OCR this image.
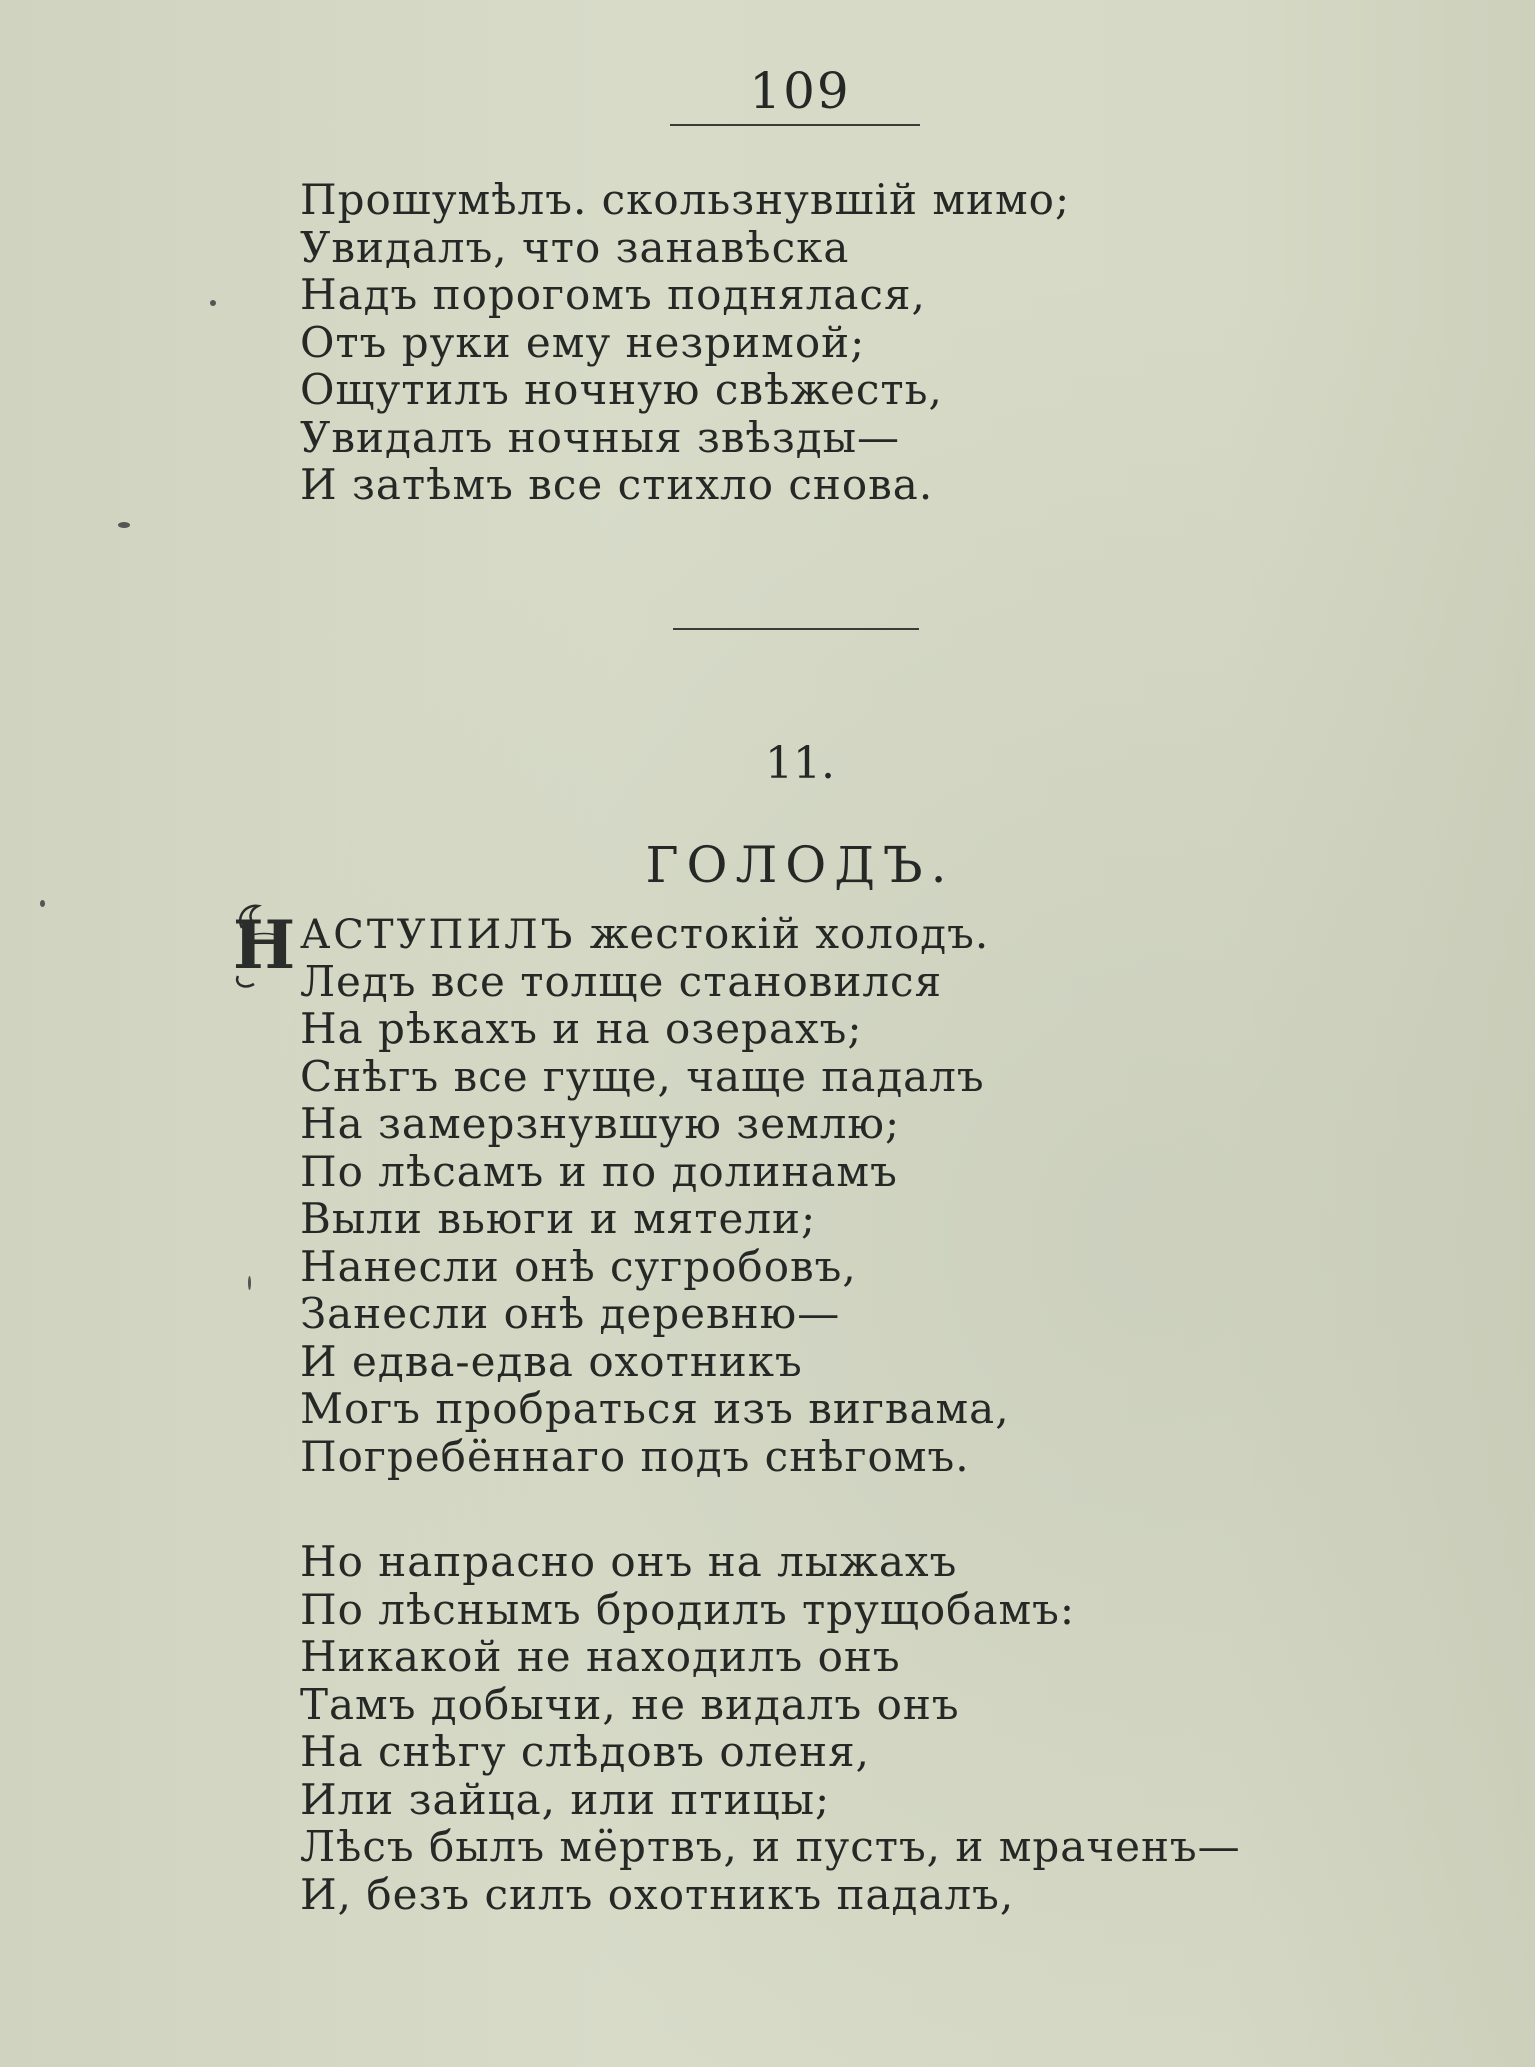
109
Прошумѣлъ. скользнувшiй мимо;
Увидалъ, что занавѣска
Надъ порогомъ поднялася,
Отъ руки ему незримой;
Ощутилъ ночную свѣжесть,
Увидалъ ночныя звѣзды—
И затѣмъ все стихло снова.
11.
ГОЛОДЪ.
Н АСТУПИЛЪ жестокiй холодъ.
Ледъ все толще становился
На рѣкахъ и на озерахъ;
Снѣгъ все гуще, чаще падалъ
На замерзнувшую землю;
По лѣсамъ и по долинамъ
Выли вьюги и мятели;
Нанесли онѣ сугробовъ,
Занесли онѣ деревню—
И едва-едва охотникъ
Могъ пробраться изъ вигвама,
Погребённаго подъ снѣгомъ.
Но напрасно онъ на лыжахъ
По лѣснымъ бродилъ трущобамъ:
Никакой не находилъ онъ
Тамъ добычи, не видалъ онъ
На снѣгу слѣдовъ оленя,
Или зайца, или птицы;
Лѣсъ былъ мёртвъ, и пустъ, и мраченъ—
И, безъ силъ охотникъ падалъ,
